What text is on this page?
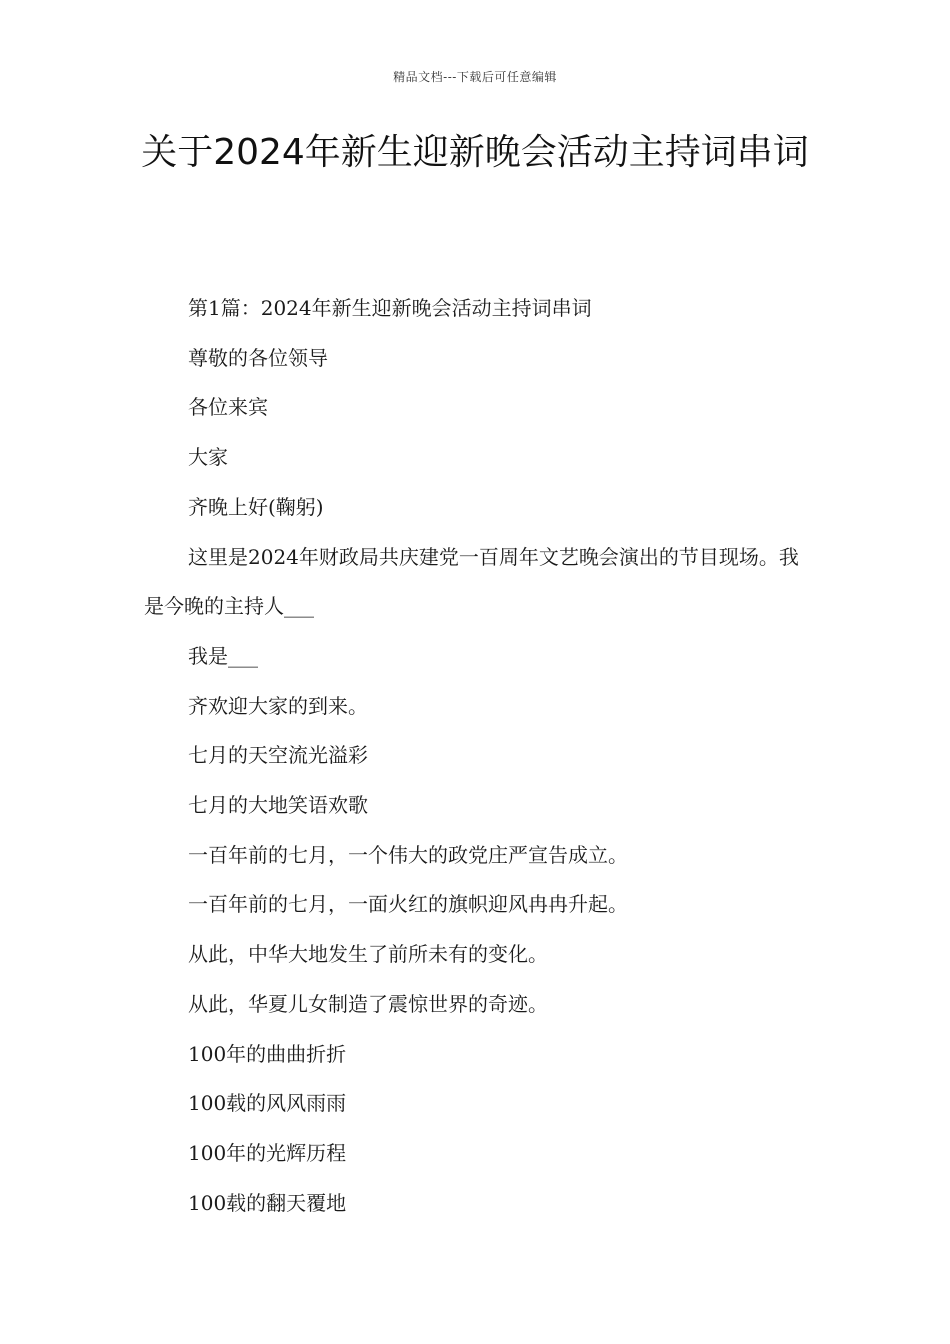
精品文档---下载后可任意编辑
关于2024年新生迎新晚会活动主持词串词

第1篇：2024年新生迎新晚会活动主持词串词

尊敬的各位领导

各位来宾

大家

齐晚上好(鞠躬)

这里是2024年财政局共庆建党一百周年文艺晚会演出的节目现场。我是今晚的主持人___

我是___

齐欢迎大家的到来。

七月的天空流光溢彩

七月的大地笑语欢歌

一百年前的七月，一个伟大的政党庄严宣告成立。

一百年前的七月，一面火红的旗帜迎风冉冉升起。

从此，中华大地发生了前所未有的变化。

从此，华夏儿女制造了震惊世界的奇迹。

100年的曲曲折折

100载的风风雨雨

100年的光辉历程

100载的翻天覆地
